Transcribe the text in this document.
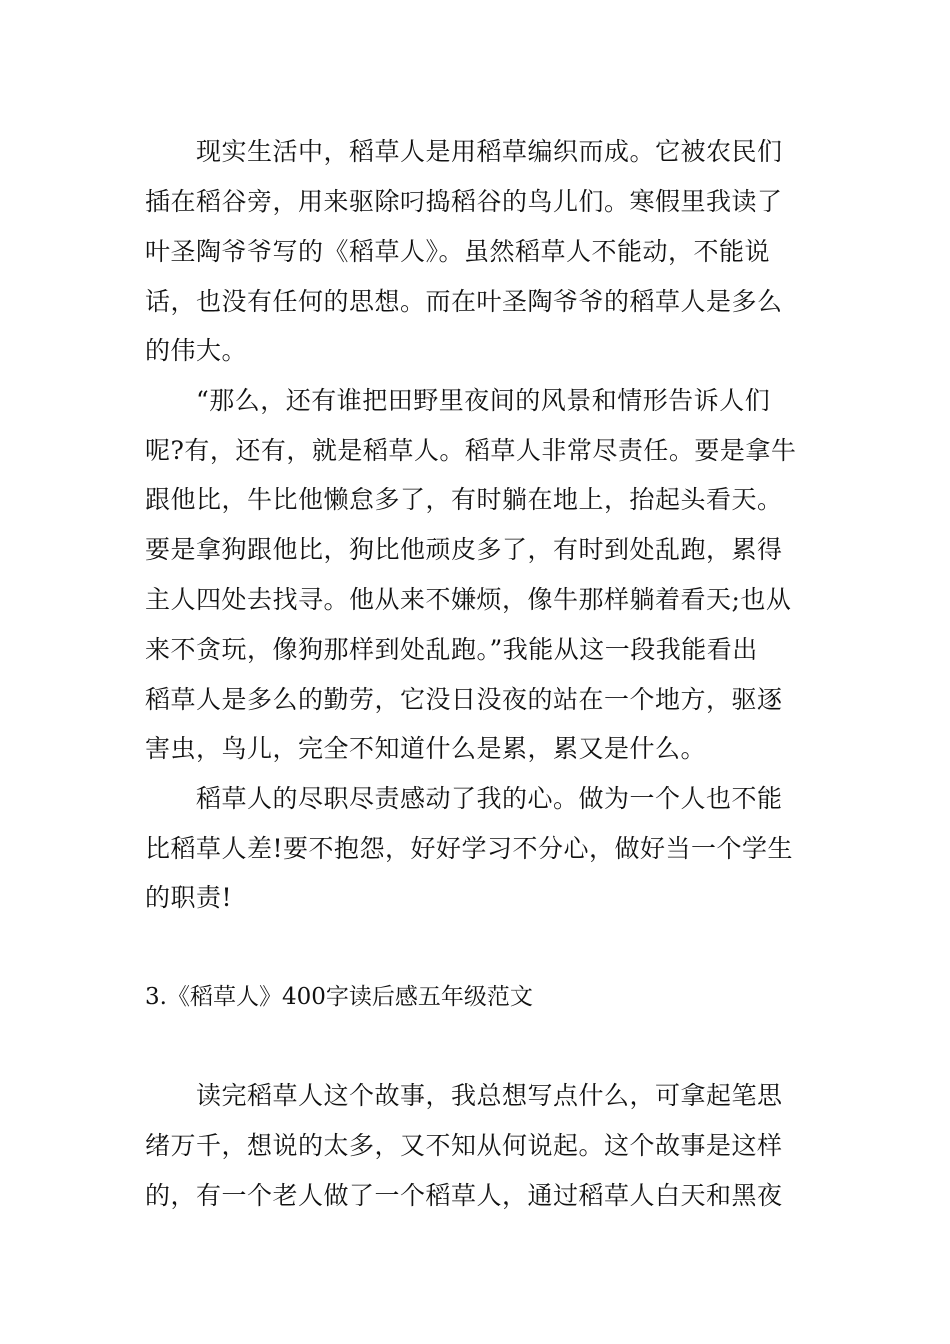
　　现实生活中，稻草人是用稻草编织而成。它被农民们
插在稻谷旁，用来驱除叼捣稻谷的鸟儿们。寒假里我读了
叶圣陶爷爷写的《稻草人》。虽然稻草人不能动，不能说
话，也没有任何的思想。而在叶圣陶爷爷的稻草人是多么
的伟大。
　　“那么，还有谁把田野里夜间的风景和情形告诉人们
呢?有，还有，就是稻草人。稻草人非常尽责任。要是拿牛
跟他比，牛比他懒怠多了，有时躺在地上，抬起头看天。
要是拿狗跟他比，狗比他顽皮多了，有时到处乱跑，累得
主人四处去找寻。他从来不嫌烦，像牛那样躺着看天;也从
来不贪玩，像狗那样到处乱跑。”我能从这一段我能看出
稻草人是多么的勤劳，它没日没夜的站在一个地方，驱逐
害虫，鸟儿，完全不知道什么是累，累又是什么。
　　稻草人的尽职尽责感动了我的心。做为一个人也不能
比稻草人差!要不抱怨，好好学习不分心，做好当一个学生
的职责!
3.《稻草人》400字读后感五年级范文
　　读完稻草人这个故事，我总想写点什么，可拿起笔思
绪万千，想说的太多，又不知从何说起。这个故事是这样
的，有一个老人做了一个稻草人，通过稻草人白天和黑夜
